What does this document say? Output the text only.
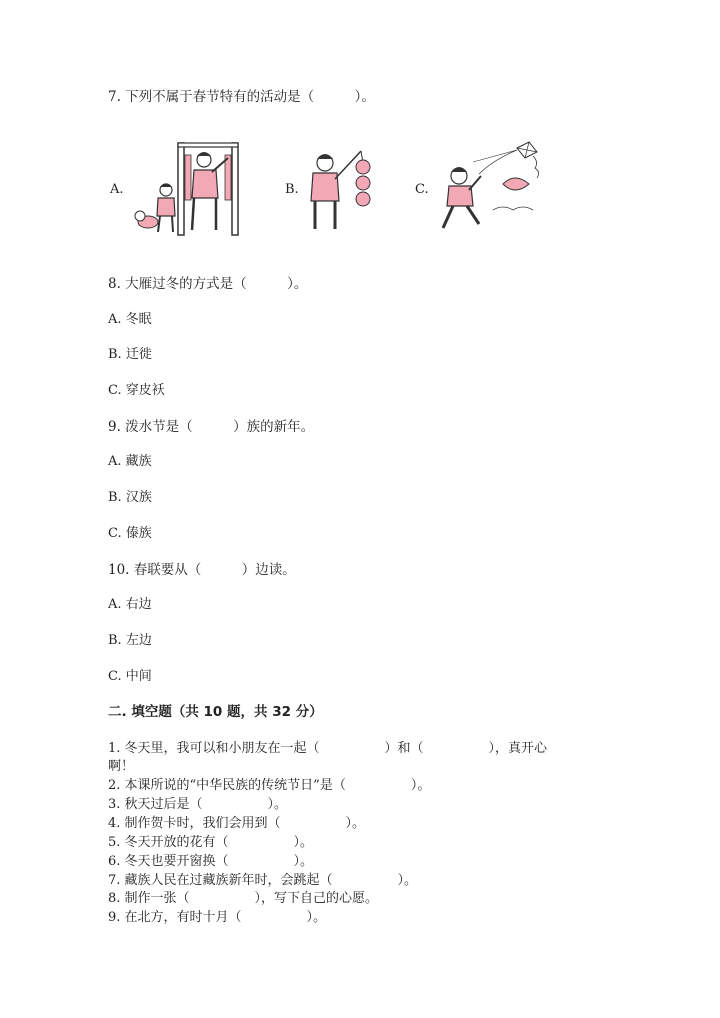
7. 下列不属于春节特有的活动是（　　　）。
A.	B.	C.
8. 大雁过冬的方式是（　　　）。
A. 冬眠
B. 迁徙
C. 穿皮袄
9. 泼水节是（　　　）族的新年。
A. 藏族
B. 汉族
C. 傣族
10. 春联要从（　　　）边读。
A. 右边
B. 左边
C. 中间
二. 填空题（共 10 题，共 32 分）
1. 冬天里，我可以和小朋友在一起（　　　　　）和（　　　　　），真开心
啊！
2. 本课所说的“中华民族的传统节日”是（　　　　　）。
3. 秋天过后是（　　　　　）。
4. 制作贺卡时，我们会用到（　　　　　）。
5. 冬天开放的花有（　　　　　）。
6. 冬天也要开窗换（　　　　　）。
7. 藏族人民在过藏族新年时，会跳起（　　　　　）。
8. 制作一张（　　　　　），写下自己的心愿。
9. 在北方，有时十月（　　　　　）。
